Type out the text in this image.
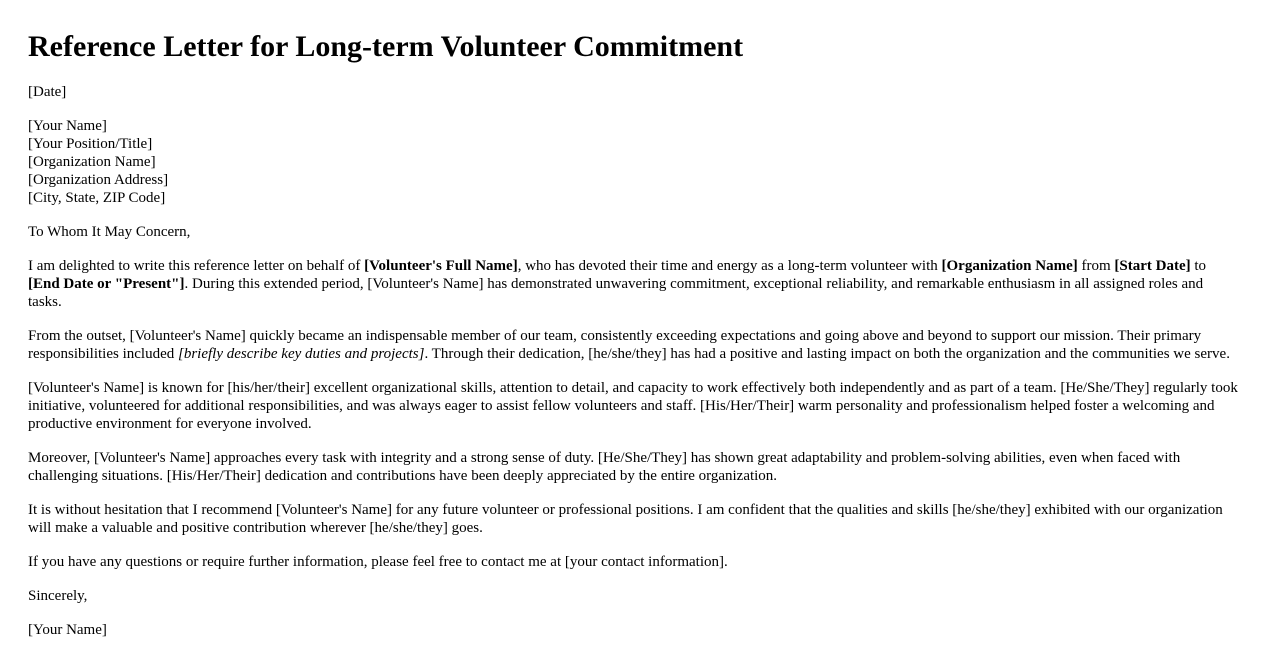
Reference Letter for Long-term Volunteer Commitment

[Date]

[Your Name]
[Your Position/Title]
[Organization Name]
[Organization Address]
[City, State, ZIP Code]

To Whom It May Concern,

I am delighted to write this reference letter on behalf of [Volunteer's Full Name], who has devoted their time and energy as a long-term volunteer with [Organization Name] from [Start Date] to [End Date or "Present"]. During this extended period, [Volunteer's Name] has demonstrated unwavering commitment, exceptional reliability, and remarkable enthusiasm in all assigned roles and tasks.

From the outset, [Volunteer's Name] quickly became an indispensable member of our team, consistently exceeding expectations and going above and beyond to support our mission. Their primary responsibilities included [briefly describe key duties and projects]. Through their dedication, [he/she/they] has had a positive and lasting impact on both the organization and the communities we serve.

[Volunteer's Name] is known for [his/her/their] excellent organizational skills, attention to detail, and capacity to work effectively both independently and as part of a team. [He/She/They] regularly took initiative, volunteered for additional responsibilities, and was always eager to assist fellow volunteers and staff. [His/Her/Their] warm personality and professionalism helped foster a welcoming and productive environment for everyone involved.

Moreover, [Volunteer's Name] approaches every task with integrity and a strong sense of duty. [He/She/They] has shown great adaptability and problem-solving abilities, even when faced with challenging situations. [His/Her/Their] dedication and contributions have been deeply appreciated by the entire organization.

It is without hesitation that I recommend [Volunteer's Name] for any future volunteer or professional positions. I am confident that the qualities and skills [he/she/they] exhibited with our organization will make a valuable and positive contribution wherever [he/she/they] goes.

If you have any questions or require further information, please feel free to contact me at [your contact information].

Sincerely,

[Your Name]
